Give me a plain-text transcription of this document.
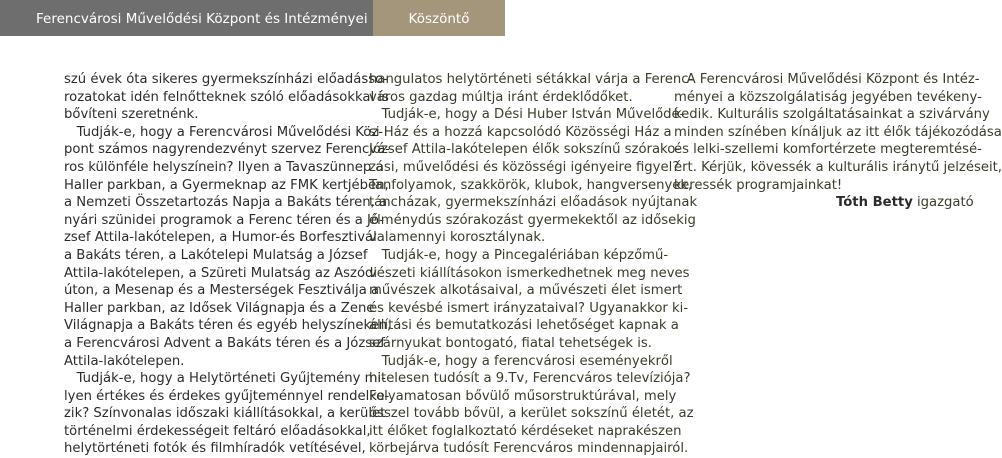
Ferencvárosi Művelődési Központ és Intézményei	Köszöntő

szú évek óta sikeres gyermekszínházi előadásso-

rozatokat idén felnőtteknek szóló előadásokkal is

bővíteni szeretnénk.

Tudják-e, hogy a Ferencvárosi Művelődési Köz-

pont számos nagyrendezvényt szervez Ferencvá-

ros különféle helyszínein? Ilyen a Tavaszünnep a

Haller parkban, a Gyermeknap az FMK kertjében,

a Nemzeti Összetartozás Napja a Bakáts téren, a

nyári szünidei programok a Ferenc téren és a Jó-

zsef Attila-lakótelepen, a Humor-és Borfesztivál

a Bakáts téren, a Lakótelepi Mulatság a József

Attila-lakótelepen, a Szüreti Mulatság az Aszódi

úton, a Mesenap és a Mesterségek Fesztiválja a

Haller parkban, az Idősek Világnapja és a Zene

Világnapja a Bakáts téren és egyéb helyszíneken,

a Ferencvárosi Advent a Bakáts téren és a József

Attila-lakótelepen.

Tudják-e, hogy a Helytörténeti Gyűjtemény mi-

lyen értékes és érdekes gyűjteménnyel rendelke-

zik? Színvonalas időszaki kiállításokkal, a kerület

történelmi érdekességeit feltáró előadásokkal,

helytörténeti fotók és filmhíradók vetítésével,

hangulatos helytörténeti sétákkal várja a Ferenc-

város gazdag múltja iránt érdeklődőket.

Tudják-e, hogy a Dési Huber István Művelődé-

si Ház és a hozzá kapcsolódó Közösségi Ház a

József Attila-lakótelepen élők sokszínű szórako-

zási, művelődési és közösségi igényeire figyel?

Tanfolyamok, szakkörök, klubok, hangversenyek,

táncházak, gyermekszínházi előadások nyújtanak

élménydús szórakozást gyermekektől az idősekig

valamennyi korosztálynak.

Tudják-e, hogy a Pincegalériában képzőmű-

vészeti kiállításokon ismerkedhetnek meg neves

művészek alkotásaival, a művészeti élet ismert

és kevésbé ismert irányzataival? Ugyanakkor ki-

állítási és bemutatkozási lehetőséget kapnak a

szárnyukat bontogató, fiatal tehetségek is.

Tudják-e, hogy a ferencvárosi eseményekről

hitelesen tudósít a 9.Tv, Ferencváros televíziója?

Folyamatosan bővülő műsorstruktúrával, mely

ősszel tovább bővül, a kerület sokszínű életét, az

itt élőket foglalkoztató kérdéseket naprakészen

körbejárva tudósít Ferencváros mindennapjairól.

A Ferencvárosi Művelődési Központ és Intéz-

ményei a közszolgálatiság jegyében tevékeny-

kedik. Kulturális szolgáltatásainkat a szivárvány

minden színében kínáljuk az itt élők tájékozódása

és lelki-szellemi komfortérzete megteremtésé-

ért. Kérjük, kövessék a kulturális iránytű jelzéseit,

keressék programjainkat!

Tóth Betty igazgató
